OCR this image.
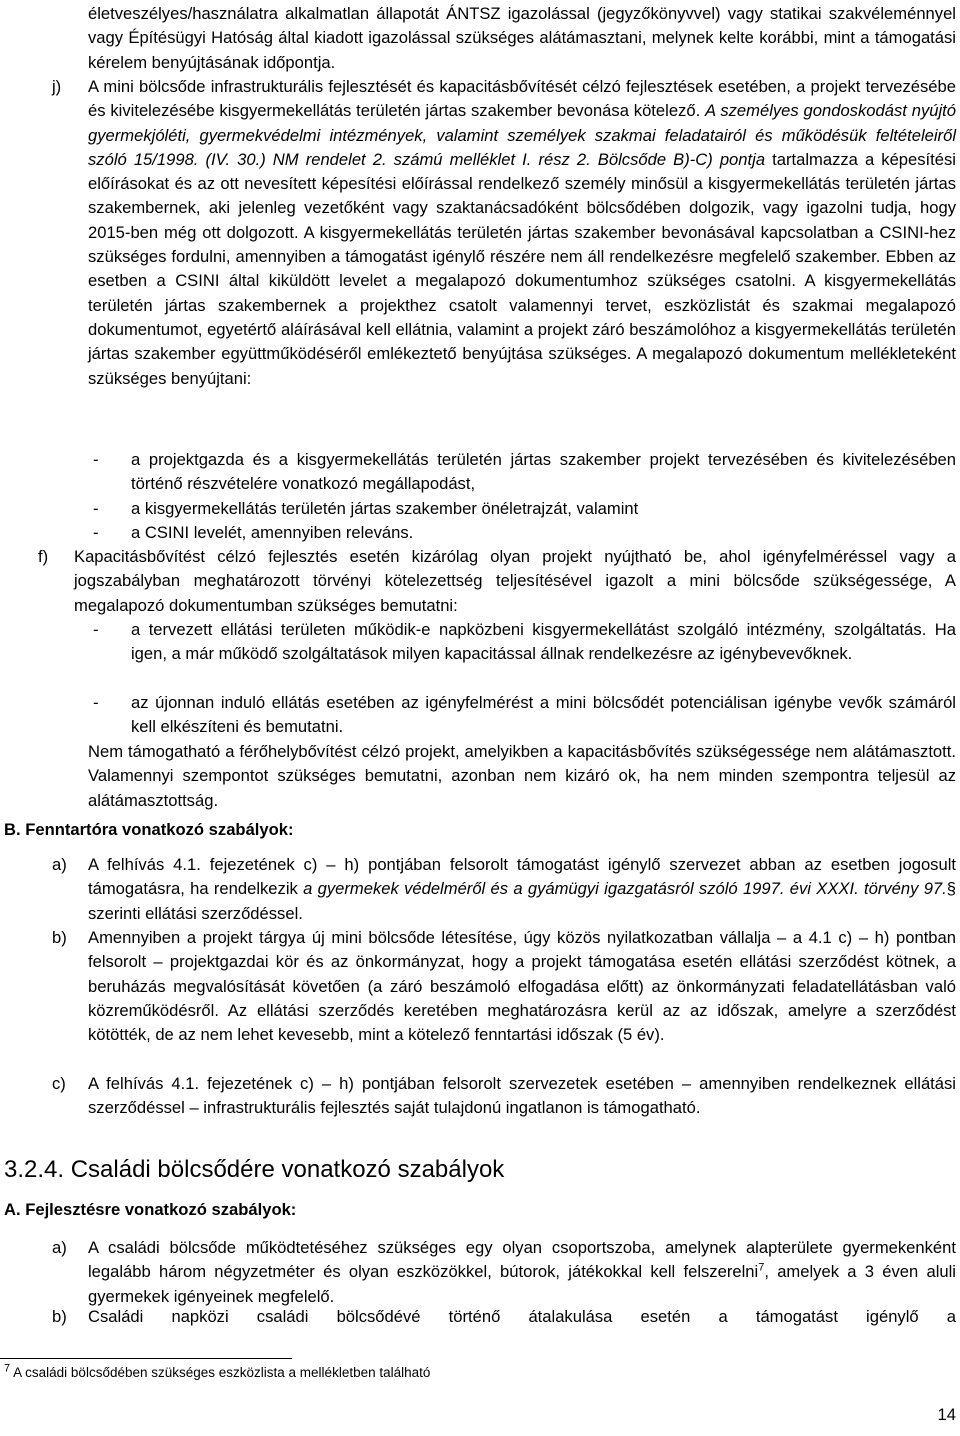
életveszélyes/használatra alkalmatlan állapotát ÁNTSZ igazolással (jegyzőkönyvvel) vagy statikai szakvéleménnyel vagy Építésügyi Hatóság által kiadott igazolással szükséges alátámasztani, melynek kelte korábbi, mint a támogatási kérelem benyújtásának időpontja.

j) A mini bölcsőde infrastrukturális fejlesztését és kapacitásbővítését célzó fejlesztések esetében, a projekt tervezésébe és kivitelezésébe kisgyermekellátás területén jártas szakember bevonása kötelező. A személyes gondoskodást nyújtó gyermekjóléti, gyermekvédelmi intézmények, valamint személyek szakmai feladatairól és működésük feltételeiről szóló 15/1998. (IV. 30.) NM rendelet 2. számú melléklet I. rész 2. Bölcsőde B)-C) pontja tartalmazza a képesítési előírásokat és az ott nevesített képesítési előírással rendelkező személy minősül a kisgyermekellátás területén jártas szakembernek, aki jelenleg vezetőként vagy szaktanácsadóként bölcsődében dolgozik, vagy igazolni tudja, hogy 2015-ben még ott dolgozott. A kisgyermekellátás területén jártas szakember bevonásával kapcsolatban a CSINI-hez szükséges fordulni, amennyiben a támogatást igénylő részére nem áll rendelkezésre megfelelő szakember. Ebben az esetben a CSINI által kiküldött levelet a megalapozó dokumentumhoz szükséges csatolni. A kisgyermekellátás területén jártas szakembernek a projekthez csatolt valamennyi tervet, eszközlistát és szakmai megalapozó dokumentumot, egyetértő aláírásával kell ellátnia, valamint a projekt záró beszámolóhoz a kisgyermekellátás területén jártas szakember együttműködéséről emlékeztető benyújtása szükséges. A megalapozó dokumentum mellékleteként szükséges benyújtani:

- a projektgazda és a kisgyermekellátás területén jártas szakember projekt tervezésében és kivitelezésében történő részvételére vonatkozó megállapodást,

- a kisgyermekellátás területén jártas szakember önéletrajzát, valamint

- a CSINI levelét, amennyiben releváns.

f) Kapacitásbővítést célzó fejlesztés esetén kizárólag olyan projekt nyújtható be, ahol igényfelméréssel vagy a jogszabályban meghatározott törvényi kötelezettség teljesítésével igazolt a mini bölcsőde szükségessége, A megalapozó dokumentumban szükséges bemutatni:

- a tervezett ellátási területen működik-e napközbeni kisgyermekellátást szolgáló intézmény, szolgáltatás. Ha igen, a már működő szolgáltatások milyen kapacitással állnak rendelkezésre az igénybevevőknek.

- az újonnan induló ellátás esetében az igényfelmérést a mini bölcsődét potenciálisan igénybe vevők számáról kell elkészíteni és bemutatni.

Nem támogatható a férőhelybővítést célzó projekt, amelyikben a kapacitásbővítés szükségessége nem alátámasztott. Valamennyi szempontot szükséges bemutatni, azonban nem kizáró ok, ha nem minden szempontra teljesül az alátámasztottság.

B. Fenntartóra vonatkozó szabályok:
a) A felhívás 4.1. fejezetének c) – h) pontjában felsorolt támogatást igénylő szervezet abban az esetben jogosult támogatásra, ha rendelkezik a gyermekek védelméről és a gyámügyi igazgatásról szóló 1997. évi XXXI. törvény 97.§ szerinti ellátási szerződéssel.

b) Amennyiben a projekt tárgya új mini bölcsőde létesítése, úgy közös nyilatkozatban vállalja – a 4.1 c) – h) pontban felsorolt – projektgazdai kör és az önkormányzat, hogy a projekt támogatása esetén ellátási szerződést kötnek, a beruházás megvalósítását követően (a záró beszámoló elfogadása előtt) az önkormányzati feladatellátásban való közreműködésről. Az ellátási szerződés keretében meghatározásra kerül az az időszak, amelyre a szerződést kötötték, de az nem lehet kevesebb, mint a kötelező fenntartási időszak (5 év).

c) A felhívás 4.1. fejezetének c) – h) pontjában felsorolt szervezetek esetében – amennyiben rendelkeznek ellátási szerződéssel – infrastrukturális fejlesztés saját tulajdonú ingatlanon is támogatható.

3.2.4. Családi bölcsődére vonatkozó szabályok
A. Fejlesztésre vonatkozó szabályok:
a) A családi bölcsőde működtetéséhez szükséges egy olyan csoportszoba, amelynek alapterülete gyermekenként legalább három négyzetméter és olyan eszközökkel, bútorok, játékokkal kell felszerelni$^7$, amelyek a 3 éven aluli gyermekek igényeinek megfelelő.

b) Családi napközi családi bölcsődévé történő átalakulása esetén a támogatást igénylő a

$^7$ A családi bölcsődében szükséges eszközlista a mellékletben található
14
